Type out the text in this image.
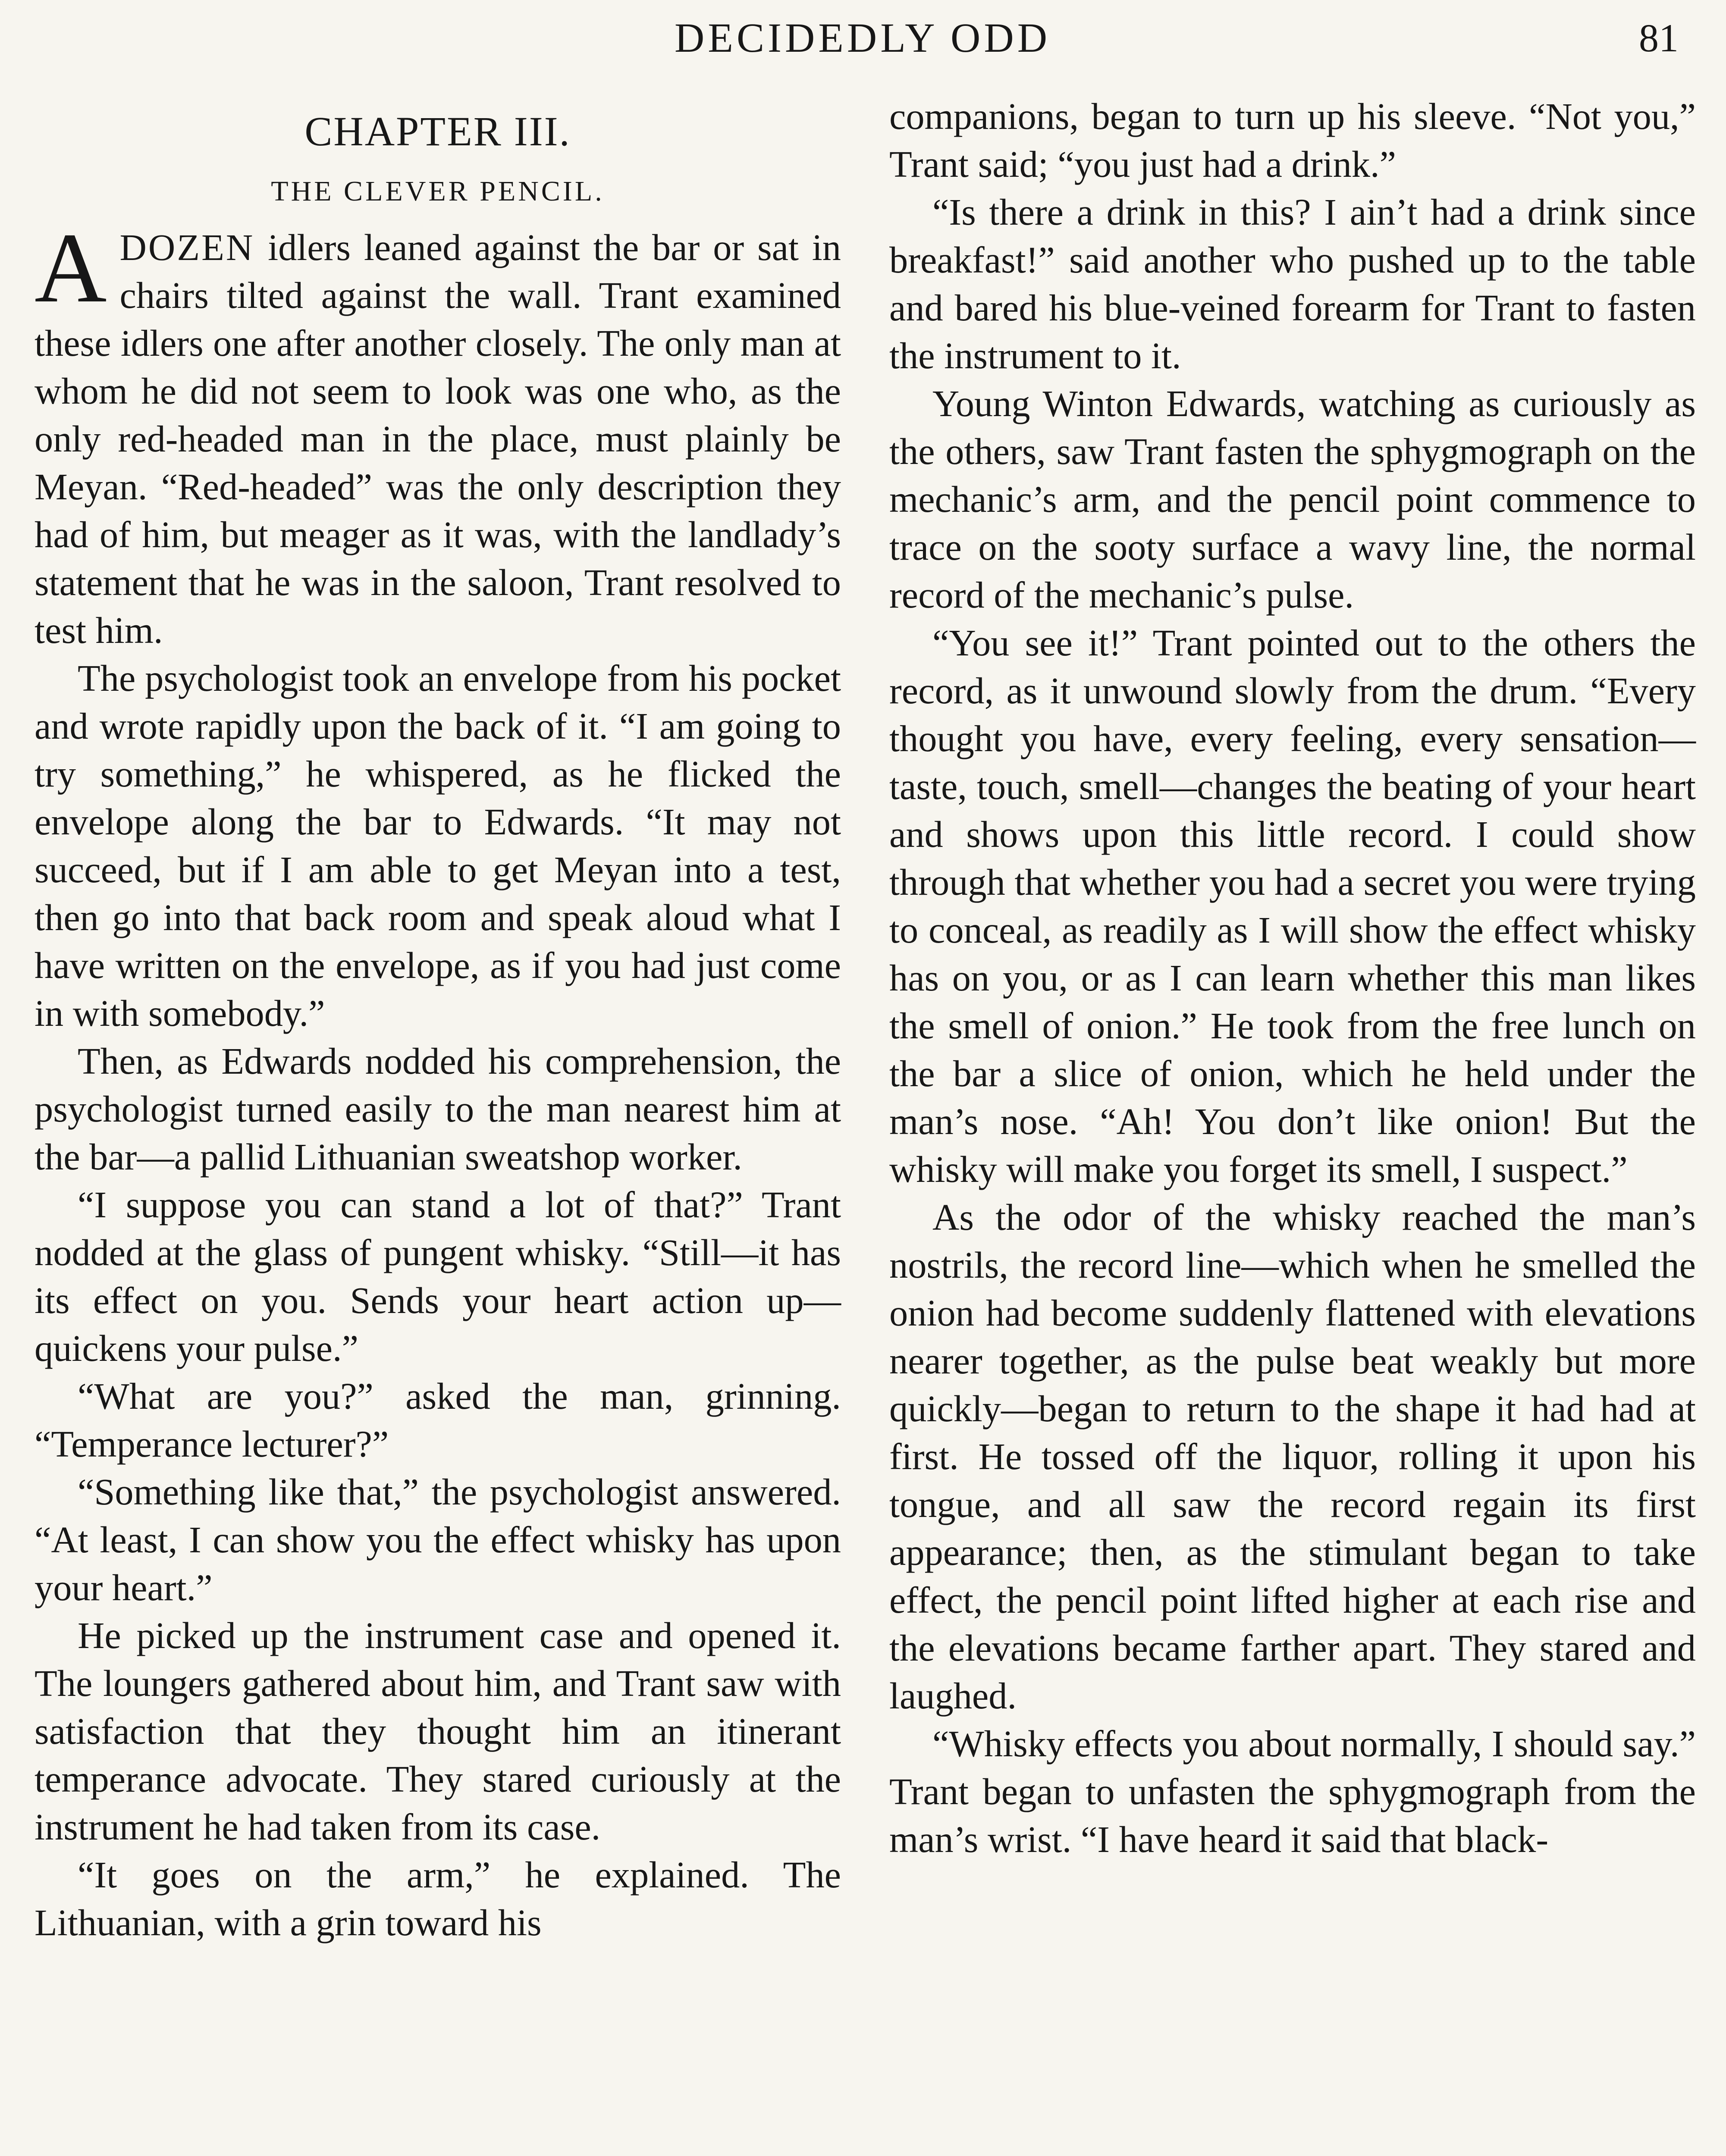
DECIDEDLY ODD	81
CHAPTER III.
THE CLEVER PENCIL.

ADOZEN idlers leaned against the bar or sat in chairs tilted against the wall. Trant examined these idlers one after another closely. The only man at whom he did not seem to look was one who, as the only red-headed man in the place, must plainly be Meyan. “Red-headed” was the only description they had of him, but meager as it was, with the landlady’s statement that he was in the saloon, Trant resolved to test him.

The psychologist took an envelope from his pocket and wrote rapidly upon the back of it. “I am going to try something,” he whispered, as he flicked the envelope along the bar to Edwards. “It may not succeed, but if I am able to get Meyan into a test, then go into that back room and speak aloud what I have written on the envelope, as if you had just come in with somebody.”

Then, as Edwards nodded his comprehension, the psychologist turned easily to the man nearest him at the bar—a pallid Lithuanian sweatshop worker.

“I suppose you can stand a lot of that?” Trant nodded at the glass of pungent whisky. “Still—it has its effect on you. Sends your heart action up—quickens your pulse.”

“What are you?” asked the man, grinning. “Temperance lecturer?”

“Something like that,” the psychologist answered. “At least, I can show you the effect whisky has upon your heart.”

He picked up the instrument case and opened it. The loungers gathered about him, and Trant saw with satisfaction that they thought him an itinerant temperance advocate. They stared curiously at the instrument he had taken from its case.

“It goes on the arm,” he explained. The Lithuanian, with a grin toward his

companions, began to turn up his sleeve. “Not you,” Trant said; “you just had a drink.”

“Is there a drink in this? I ain’t had a drink since breakfast!” said another who pushed up to the table and bared his blue-veined forearm for Trant to fasten the instrument to it.

Young Winton Edwards, watching as curiously as the others, saw Trant fasten the sphygmograph on the mechanic’s arm, and the pencil point commence to trace on the sooty surface a wavy line, the normal record of the mechanic’s pulse.

“You see it!” Trant pointed out to the others the record, as it unwound slowly from the drum. “Every thought you have, every feeling, every sensation—taste, touch, smell—changes the beating of your heart and shows upon this little record. I could show through that whether you had a secret you were trying to conceal, as readily as I will show the effect whisky has on you, or as I can learn whether this man likes the smell of onion.” He took from the free lunch on the bar a slice of onion, which he held under the man’s nose. “Ah! You don’t like onion! But the whisky will make you forget its smell, I suspect.”

As the odor of the whisky reached the man’s nostrils, the record line—which when he smelled the onion had become suddenly flattened with elevations nearer together, as the pulse beat weakly but more quickly—began to return to the shape it had had at first. He tossed off the liquor, rolling it upon his tongue, and all saw the record regain its first appearance; then, as the stimulant began to take effect, the pencil point lifted higher at each rise and the elevations became farther apart. They stared and laughed.

“Whisky effects you about normally, I should say.” Trant began to unfasten the sphygmograph from the man’s wrist. “I have heard it said that black-
